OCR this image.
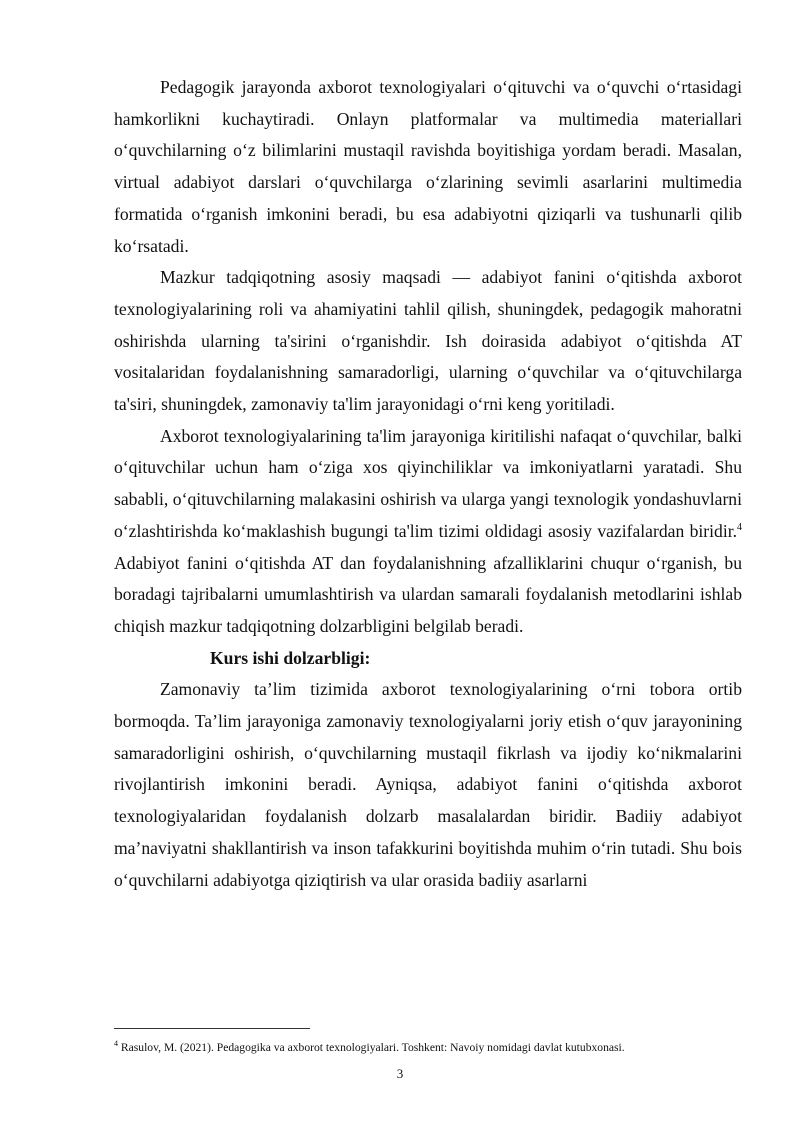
Pedagogik jarayonda axborot texnologiyalari o‘qituvchi va o‘quvchi o‘rtasidagi hamkorlikni kuchaytiradi. Onlayn platformalar va multimedia materiallari o‘quvchilarning o‘z bilimlarini mustaqil ravishda boyitishiga yordam beradi. Masalan, virtual adabiyot darslari o‘quvchilarga o‘zlarining sevimli asarlarini multimedia formatida o‘rganish imkonini beradi, bu esa adabiyotni qiziqarli va tushunarli qilib ko‘rsatadi.

Mazkur tadqiqotning asosiy maqsadi — adabiyot fanini o‘qitishda axborot texnologiyalarining roli va ahamiyatini tahlil qilish, shuningdek, pedagogik mahoratni oshirishda ularning ta'sirini o‘rganishdir. Ish doirasida adabiyot o‘qitishda AT vositalaridan foydalanishning samaradorligi, ularning o‘quvchilar va o‘qituvchilarga ta'siri, shuningdek, zamonaviy ta'lim jarayonidagi o‘rni keng yoritiladi.

Axborot texnologiyalarining ta'lim jarayoniga kiritilishi nafaqat o‘quvchilar, balki o‘qituvchilar uchun ham o‘ziga xos qiyinchiliklar va imkoniyatlarni yaratadi. Shu sababli, o‘qituvchilarning malakasini oshirish va ularga yangi texnologik yondashuvlarni o‘zlashtirishda ko‘maklashish bugungi ta'lim tizimi oldidagi asosiy vazifalardan biridir.$^4$ Adabiyot fanini o‘qitishda AT dan foydalanishning afzalliklarini chuqur o‘rganish, bu boradagi tajribalarni umumlashtirish va ulardan samarali foydalanish metodlarini ishlab chiqish mazkur tadqiqotning dolzarbligini belgilab beradi.

Kurs ishi dolzarbligi:

Zamonaviy ta’lim tizimida axborot texnologiyalarining o‘rni tobora ortib bormoqda. Ta’lim jarayoniga zamonaviy texnologiyalarni joriy etish o‘quv jarayonining samaradorligini oshirish, o‘quvchilarning mustaqil fikrlash va ijodiy ko‘nikmalarini rivojlantirish imkonini beradi. Ayniqsa, adabiyot fanini o‘qitishda axborot texnologiyalaridan foydalanish dolzarb masalalardan biridir. Badiiy adabiyot ma’naviyatni shakllantirish va inson tafakkurini boyitishda muhim o‘rin tutadi. Shu bois o‘quvchilarni adabiyotga qiziqtirish va ular orasida badiiy asarlarni

$^4$ Rasulov, M. (2021). Pedagogika va axborot texnologiyalari. Toshkent: Navoiy nomidagi davlat kutubxonasi.
3
